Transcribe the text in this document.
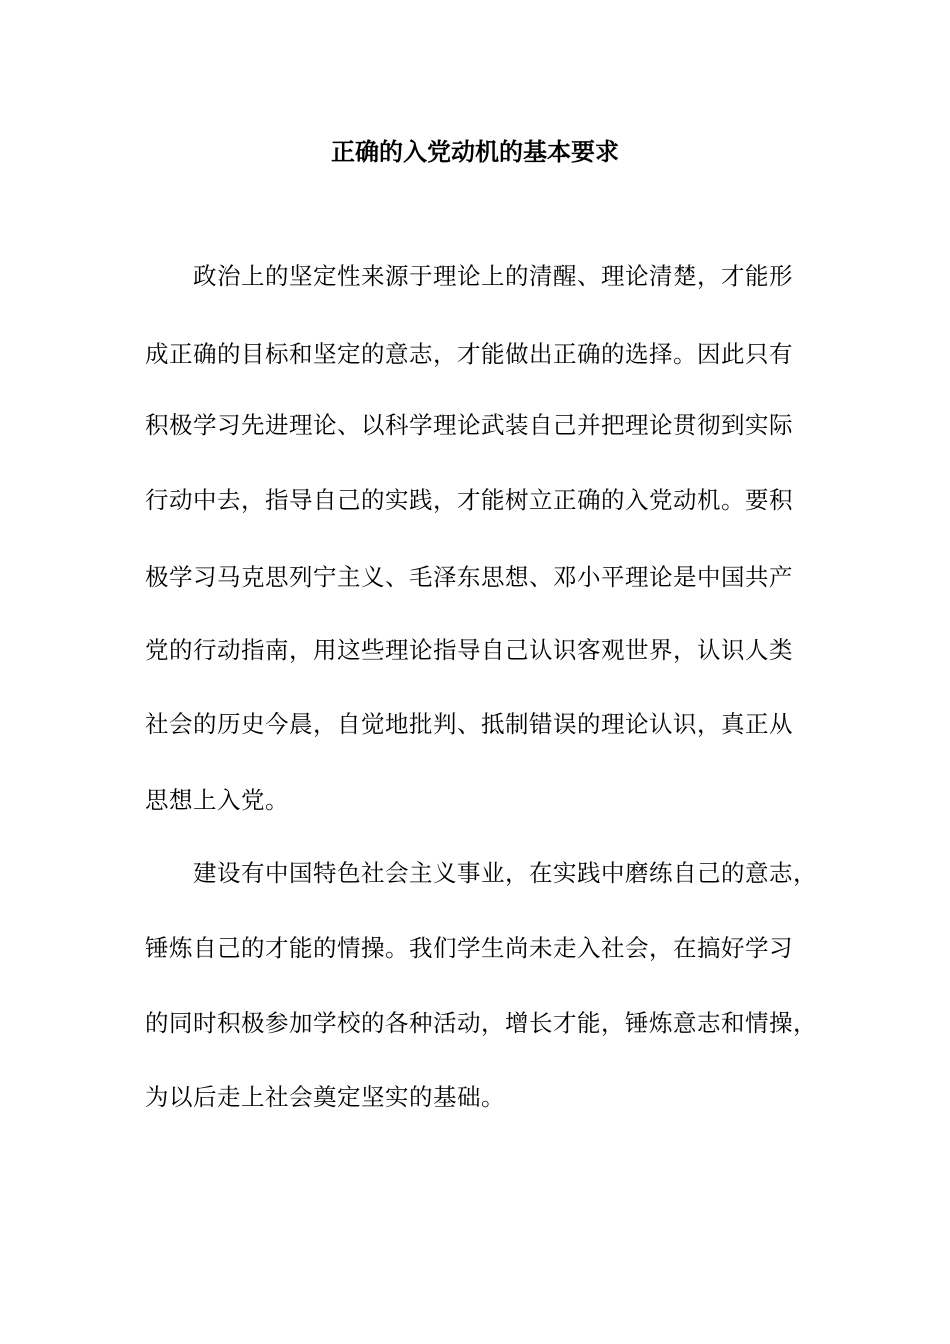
正确的入党动机的基本要求
政治上的坚定性来源于理论上的清醒、理论清楚，才能形
成正确的目标和坚定的意志，才能做出正确的选择。因此只有
积极学习先进理论、以科学理论武装自己并把理论贯彻到实际
行动中去，指导自己的实践，才能树立正确的入党动机。要积
极学习马克思列宁主义、毛泽东思想、邓小平理论是中国共产
党的行动指南，用这些理论指导自己认识客观世界，认识人类
社会的历史今晨，自觉地批判、抵制错误的理论认识，真正从
思想上入党。
建设有中国特色社会主义事业，在实践中磨练自己的意志，
锤炼自己的才能的情操。我们学生尚未走入社会，在搞好学习
的同时积极参加学校的各种活动，增长才能，锤炼意志和情操，
为以后走上社会奠定坚实的基础。
